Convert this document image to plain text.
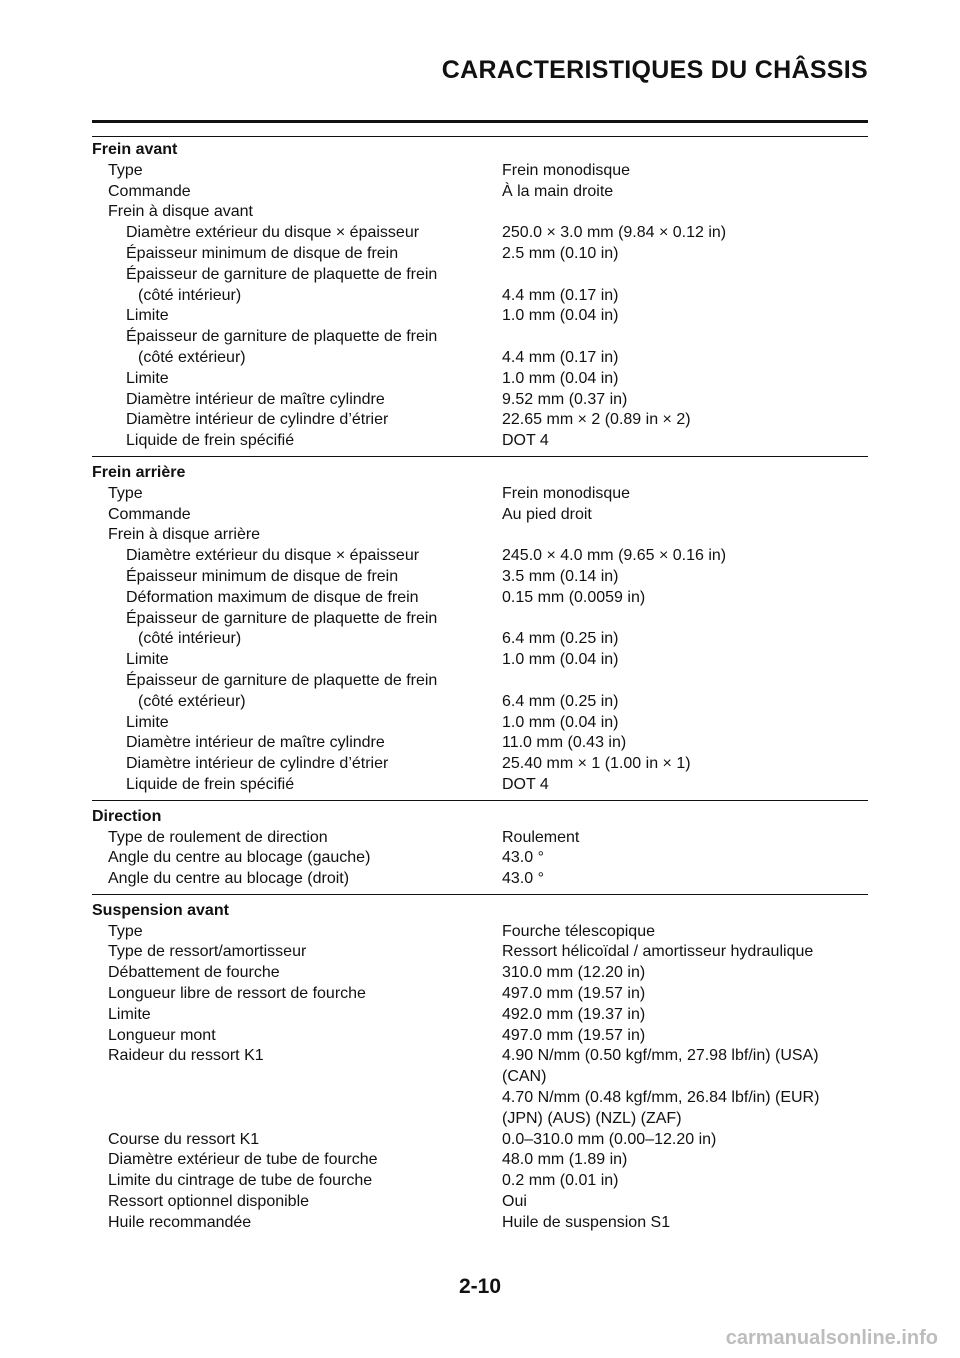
CARACTERISTIQUES DU CHÂSSIS
Frein avant
Type	Frein monodisque
Commande	À la main droite
Frein à disque avant
Diamètre extérieur du disque × épaisseur	250.0 × 3.0 mm (9.84 × 0.12 in)
Épaisseur minimum de disque de frein	2.5 mm (0.10 in)
Épaisseur de garniture de plaquette de frein
(côté intérieur)	4.4 mm (0.17 in)
Limite	1.0 mm (0.04 in)
Épaisseur de garniture de plaquette de frein
(côté extérieur)	4.4 mm (0.17 in)
Limite	1.0 mm (0.04 in)
Diamètre intérieur de maître cylindre	9.52 mm (0.37 in)
Diamètre intérieur de cylindre d’étrier	22.65 mm × 2 (0.89 in × 2)
Liquide de frein spécifié	DOT 4
Frein arrière
Type	Frein monodisque
Commande	Au pied droit
Frein à disque arrière
Diamètre extérieur du disque × épaisseur	245.0 × 4.0 mm (9.65 × 0.16 in)
Épaisseur minimum de disque de frein	3.5 mm (0.14 in)
Déformation maximum de disque de frein	0.15 mm (0.0059 in)
Épaisseur de garniture de plaquette de frein
(côté intérieur)	6.4 mm (0.25 in)
Limite	1.0 mm (0.04 in)
Épaisseur de garniture de plaquette de frein
(côté extérieur)	6.4 mm (0.25 in)
Limite	1.0 mm (0.04 in)
Diamètre intérieur de maître cylindre	11.0 mm (0.43 in)
Diamètre intérieur de cylindre d’étrier	25.40 mm × 1 (1.00 in × 1)
Liquide de frein spécifié	DOT 4
Direction
Type de roulement de direction	Roulement
Angle du centre au blocage (gauche)	43.0 °
Angle du centre au blocage (droit)	43.0 °
Suspension avant
Type	Fourche télescopique
Type de ressort/amortisseur	Ressort hélicoïdal / amortisseur hydraulique
Débattement de fourche	310.0 mm (12.20 in)
Longueur libre de ressort de fourche	497.0 mm (19.57 in)
Limite	492.0 mm (19.37 in)
Longueur mont	497.0 mm (19.57 in)
Raideur du ressort K1	4.90 N/mm (0.50 kgf/mm, 27.98 lbf/in) (USA)
(CAN)
4.70 N/mm (0.48 kgf/mm, 26.84 lbf/in) (EUR)
(JPN) (AUS) (NZL) (ZAF)
Course du ressort K1	0.0–310.0 mm (0.00–12.20 in)
Diamètre extérieur de tube de fourche	48.0 mm (1.89 in)
Limite du cintrage de tube de fourche	0.2 mm (0.01 in)
Ressort optionnel disponible	Oui
Huile recommandée	Huile de suspension S1
2-10
carmanualsonline.info
